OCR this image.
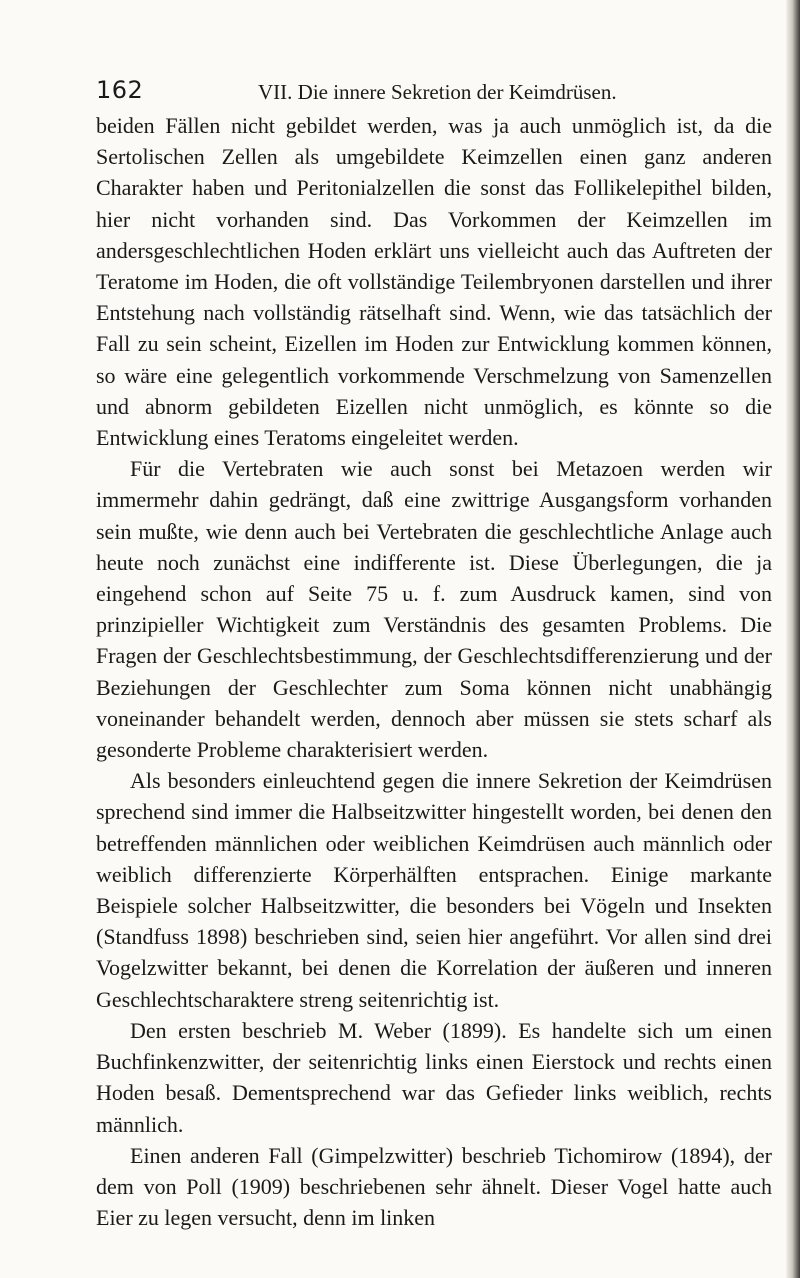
162	VII. Die innere Sekretion der Keimdrüsen.

beiden Fällen nicht gebildet werden, was ja auch unmöglich ist, da die Sertolischen Zellen als umgebildete Keimzellen einen ganz anderen Charakter haben und Peritonialzellen die sonst das Follikelepithel bilden, hier nicht vorhanden sind. Das Vorkommen der Keimzellen im andersgeschlechtlichen Hoden erklärt uns vielleicht auch das Auftreten der Teratome im Hoden, die oft vollständige Teilembryonen darstellen und ihrer Entstehung nach vollständig rätselhaft sind. Wenn, wie das tatsächlich der Fall zu sein scheint, Eizellen im Hoden zur Entwicklung kommen können, so wäre eine gelegentlich vorkommende Verschmelzung von Samenzellen und abnorm gebildeten Eizellen nicht unmöglich, es könnte so die Entwicklung eines Teratoms eingeleitet werden.

Für die Vertebraten wie auch sonst bei Metazoen werden wir immermehr dahin gedrängt, daß eine zwittrige Ausgangsform vorhanden sein mußte, wie denn auch bei Vertebraten die geschlechtliche Anlage auch heute noch zunächst eine indifferente ist. Diese Überlegungen, die ja eingehend schon auf Seite 75 u. f. zum Ausdruck kamen, sind von prinzipieller Wichtigkeit zum Verständnis des gesamten Problems. Die Fragen der Geschlechtsbestimmung, der Geschlechtsdifferenzierung und der Beziehungen der Geschlechter zum Soma können nicht unabhängig voneinander behandelt werden, dennoch aber müssen sie stets scharf als gesonderte Probleme charakterisiert werden.

Als besonders einleuchtend gegen die innere Sekretion der Keimdrüsen sprechend sind immer die Halbseitzwitter hingestellt worden, bei denen den betreffenden männlichen oder weiblichen Keimdrüsen auch männlich oder weiblich differenzierte Körperhälften entsprachen. Einige markante Beispiele solcher Halbseitzwitter, die besonders bei Vögeln und Insekten (Standfuss 1898) beschrieben sind, seien hier angeführt. Vor allen sind drei Vogelzwitter bekannt, bei denen die Korrelation der äußeren und inneren Geschlechtscharaktere streng seitenrichtig ist.

Den ersten beschrieb M. Weber (1899). Es handelte sich um einen Buchfinkenzwitter, der seitenrichtig links einen Eierstock und rechts einen Hoden besaß. Dementsprechend war das Gefieder links weiblich, rechts männlich.

Einen anderen Fall (Gimpelzwitter) beschrieb Tichomirow (1894), der dem von Poll (1909) beschriebenen sehr ähnelt. Dieser Vogel hatte auch Eier zu legen versucht, denn im linken
